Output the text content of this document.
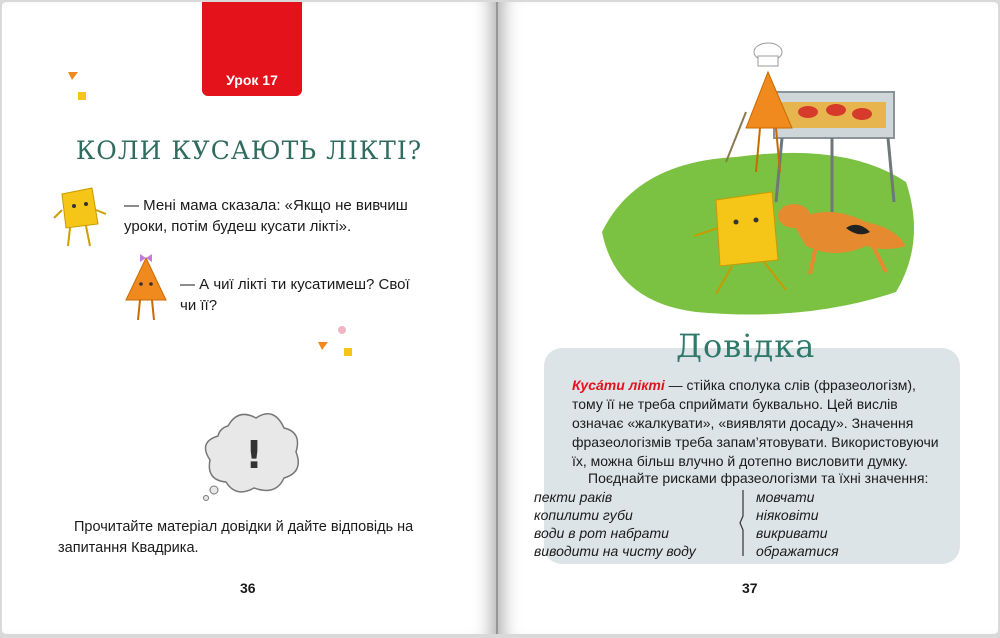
Урок 17
КОЛИ КУСАЮТЬ ЛІКТІ?
— Мені мама сказала: «Якщо не вивчиш уроки, потім будеш кусати лікті».
— А чиї лікті ти кусатимеш? Свої чи її?
!
Прочитайте матеріал довідки й дайте відповідь на запитання Квадрика.
36
Довідка
Кусáти лікті — стійка сполука слів (фразеологізм), тому її не треба сприймати буквально. Цей вислів означає «жалкувати», «виявляти досаду». Значення фразеологізмів треба запам’ятовувати. Використовуючи їх, можна більш влучно й дотепно висловити думку.
Поєднайте рисками фразеологізми та їхні значення:
пекти раків
копилити губи
води в рот набрати
виводити на чисту воду
мовчати
ніяковіти
викривати
ображатися
37
